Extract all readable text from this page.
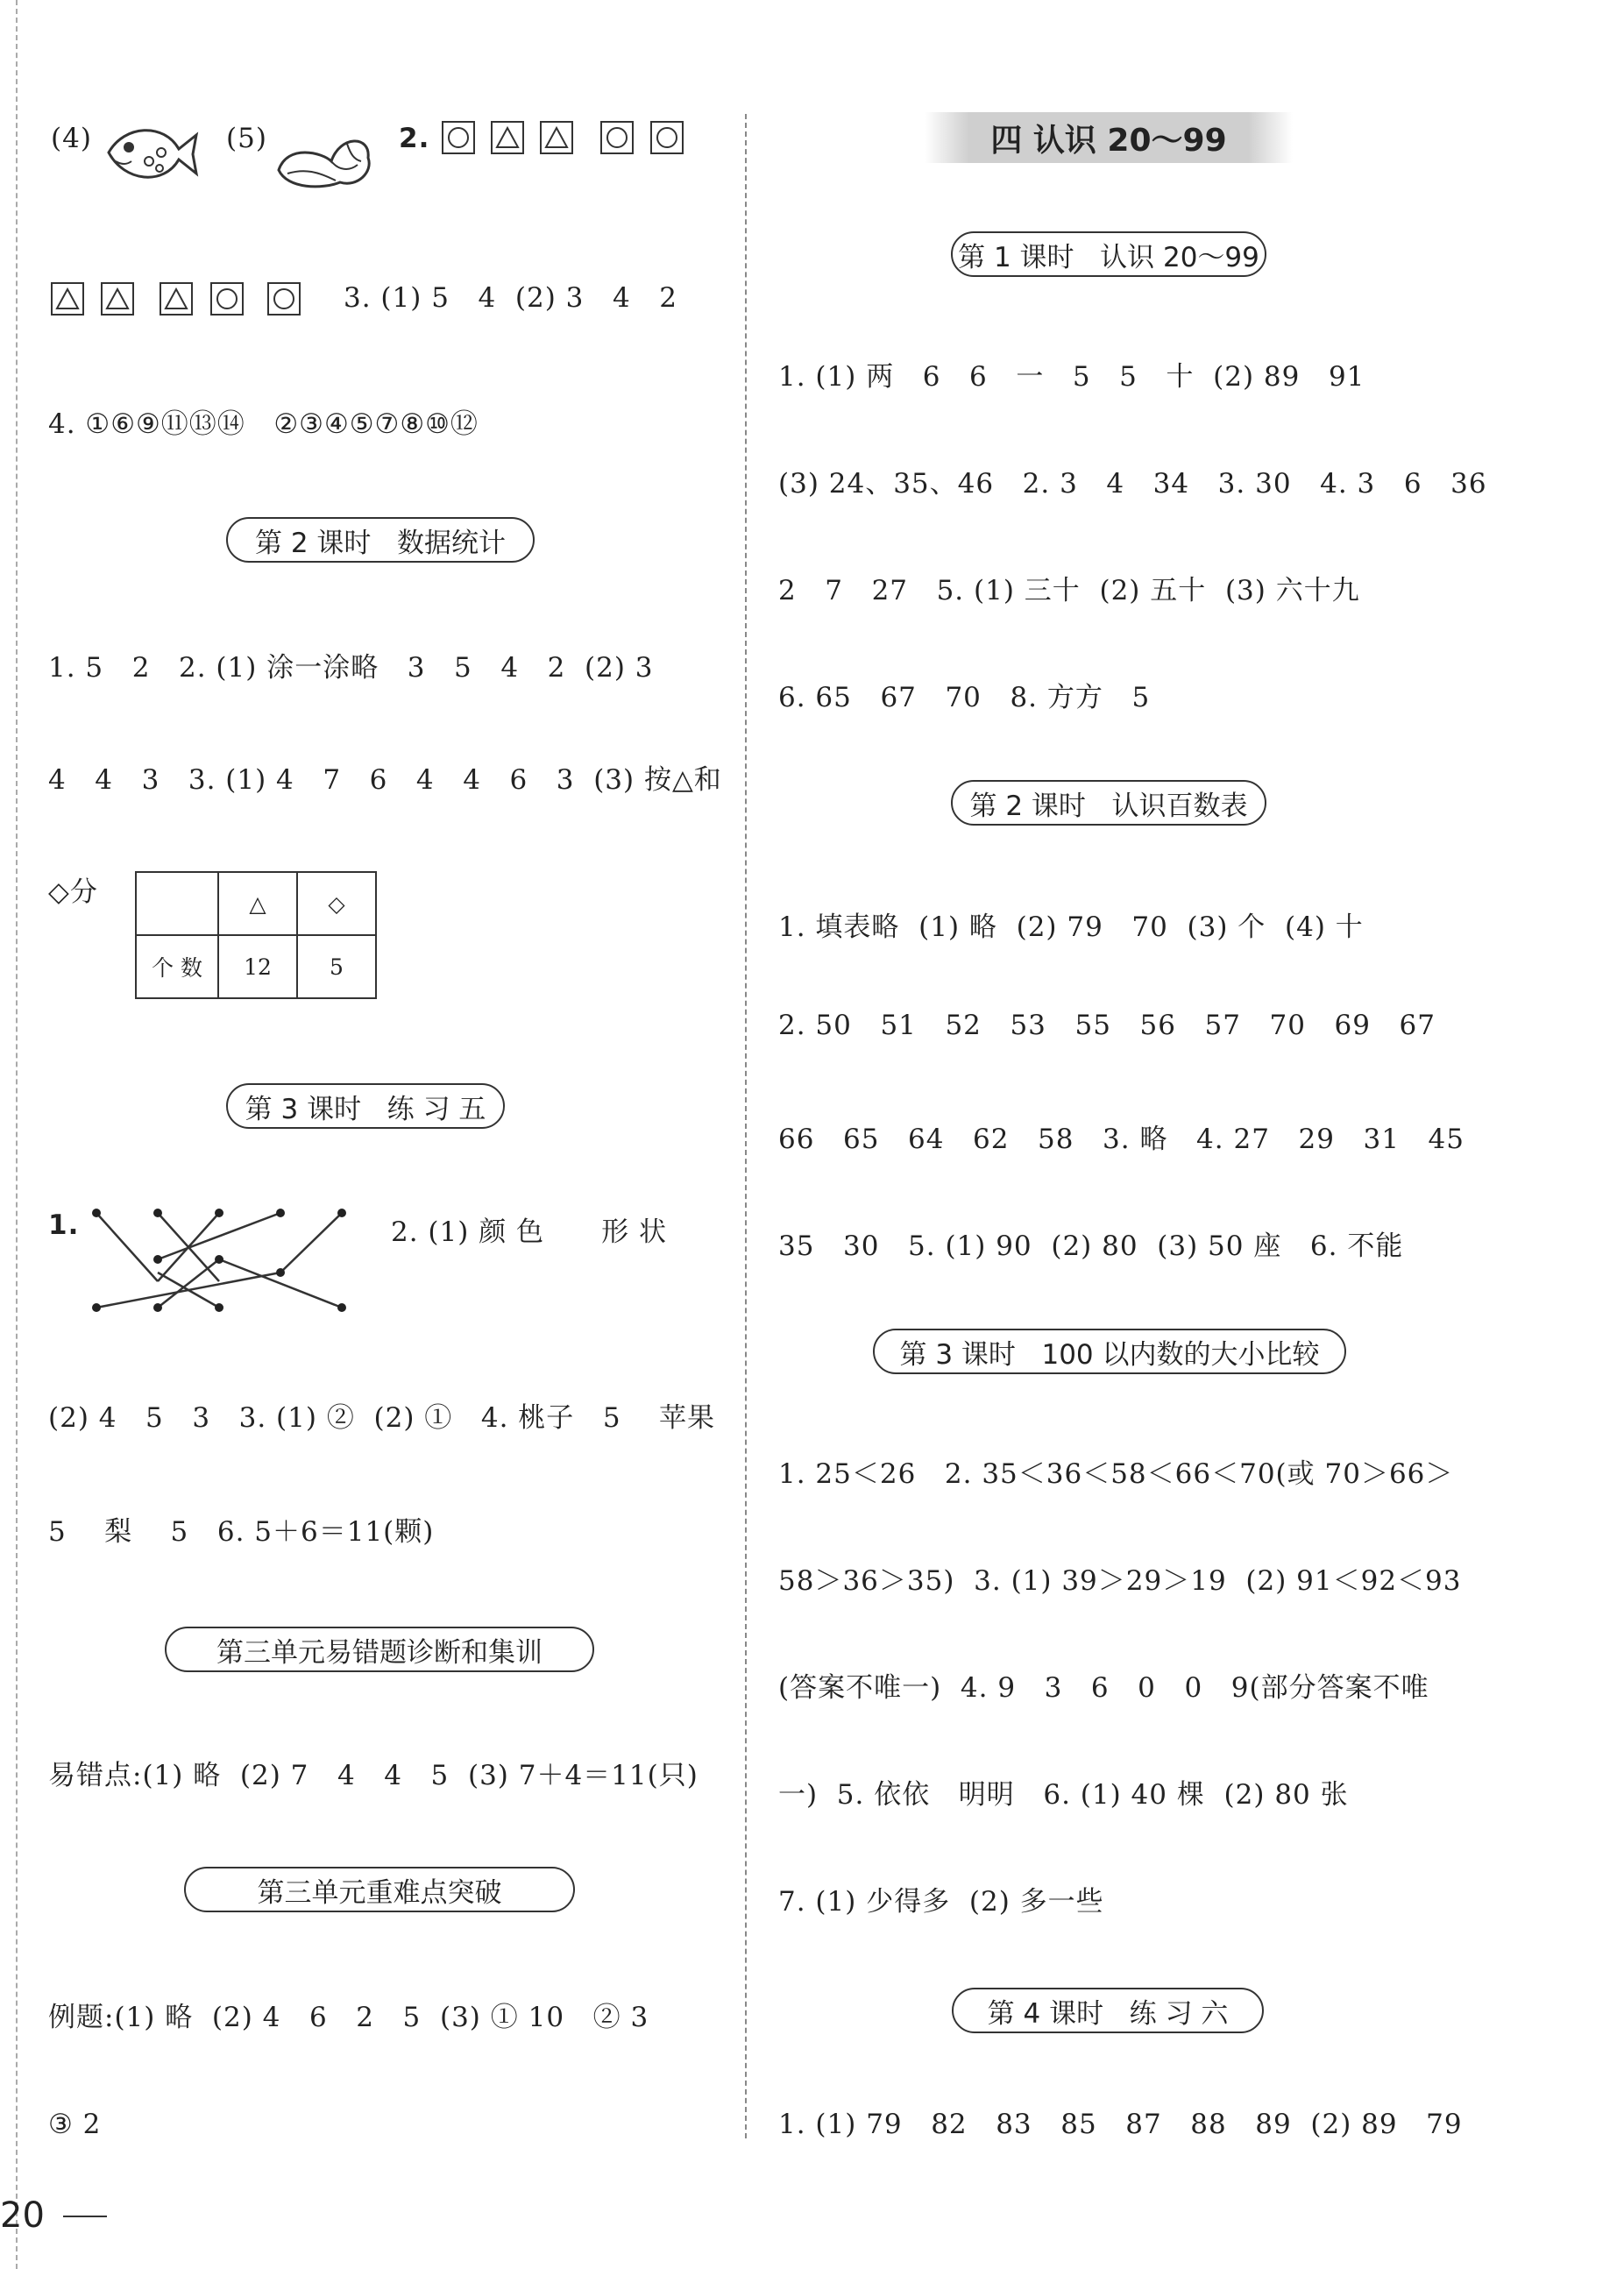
(4)	(5)	2.
3. (1) 5   4  (2) 3   4   2
4. ①⑥⑨⑪⑬⑭   ②③④⑤⑦⑧⑩⑫
第 2 课时   数据统计
1. 5   2   2. (1) 涂一涂略   3   5   4   2  (2) 3
4   4   3   3. (1) 4   7   6   4   4   6   3  (3) 按△和
◇分
		△	◇
个 数	12	5
第 3 课时   练 习 五
1.	2. (1) 颜 色      形 状
(2) 4   5   3   3. (1) ②  (2) ①   4. 桃子   5    苹果
5    梨    5   6. 5＋6＝11(颗)
第三单元易错题诊断和集训
易错点:(1) 略  (2) 7   4   4   5  (3) 7＋4＝11(只)
第三单元重难点突破
例题:(1) 略  (2) 4   6   2   5  (3) ① 10   ② 3
③ 2
四 认识 20～99
第 1 课时   认识 20～99
1. (1) 两   6   6   一   5   5   十  (2) 89   91
(3) 24、35、46   2. 3   4   34   3. 30   4. 3   6   36
2   7   27   5. (1) 三十  (2) 五十  (3) 六十九
6. 65   67   70   8. 方方   5
第 2 课时   认识百数表
1. 填表略  (1) 略  (2) 79   70  (3) 个  (4) 十
2. 50   51   52   53   55   56   57   70   69   67
66   65   64   62   58   3. 略   4. 27   29   31   45
35   30   5. (1) 90  (2) 80  (3) 50 座   6. 不能
第 3 课时   100 以内数的大小比较
1. 25＜26   2. 35＜36＜58＜66＜70(或 70＞66＞
58＞36＞35)  3. (1) 39＞29＞19  (2) 91＜92＜93
(答案不唯一)  4. 9   3   6   0   0   9(部分答案不唯
一)  5. 依依   明明   6. (1) 40 棵  (2) 80 张
7. (1) 少得多  (2) 多一些
第 4 课时   练 习 六
1. (1) 79   82   83   85   87   88   89  (2) 89   79
20
